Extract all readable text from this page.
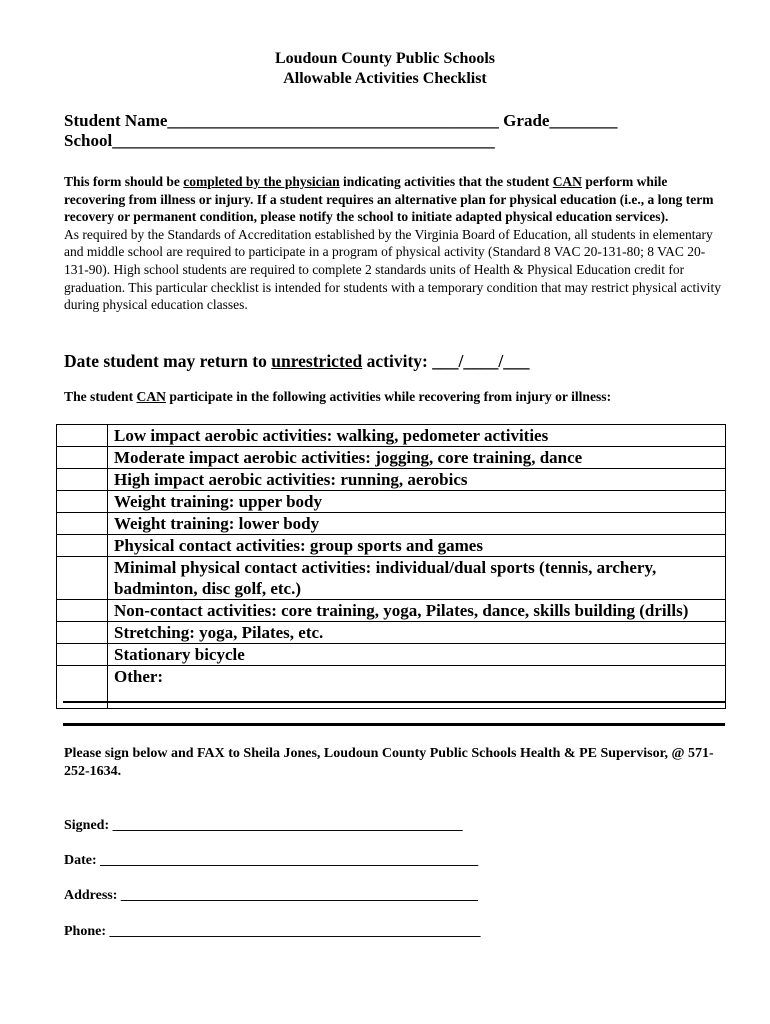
Loudoun County Public Schools
Allowable Activities Checklist
Student Name_______________________________________ Grade________
School_____________________________________________
This form should be completed by the physician indicating activities that the student CAN perform while recovering from illness or injury. If a student requires an alternative plan for physical education (i.e., a long term recovery or permanent condition, please notify the school to initiate adapted physical education services).
As required by the Standards of Accreditation established by the Virginia Board of Education, all students in elementary and middle school are required to participate in a program of physical activity (Standard 8 VAC 20-131-80; 8 VAC 20-131-90). High school students are required to complete 2 standards units of Health & Physical Education credit for graduation. This particular checklist is intended for students with a temporary condition that may restrict physical activity during physical education classes.
Date student may return to unrestricted activity: ___/____/___
The student CAN participate in the following activities while recovering from injury or illness:
	Low impact aerobic activities: walking, pedometer activities
	Moderate impact aerobic activities: jogging, core training, dance
	High impact aerobic activities: running, aerobics
	Weight training: upper body
	Weight training: lower body
	Physical contact activities: group sports and games
	Minimal physical contact activities: individual/dual sports (tennis, archery, badminton, disc golf, etc.)
	Non-contact activities: core training, yoga, Pilates, dance, skills building (drills)
	Stretching: yoga, Pilates, etc.
	Stationary bicycle
	Other:
Please sign below and FAX to Sheila Jones, Loudoun County Public Schools Health & PE Supervisor, @ 571-252-1634.
Signed: __________________________________________________
Date: ______________________________________________________
Address: ___________________________________________________
Phone: _____________________________________________________
